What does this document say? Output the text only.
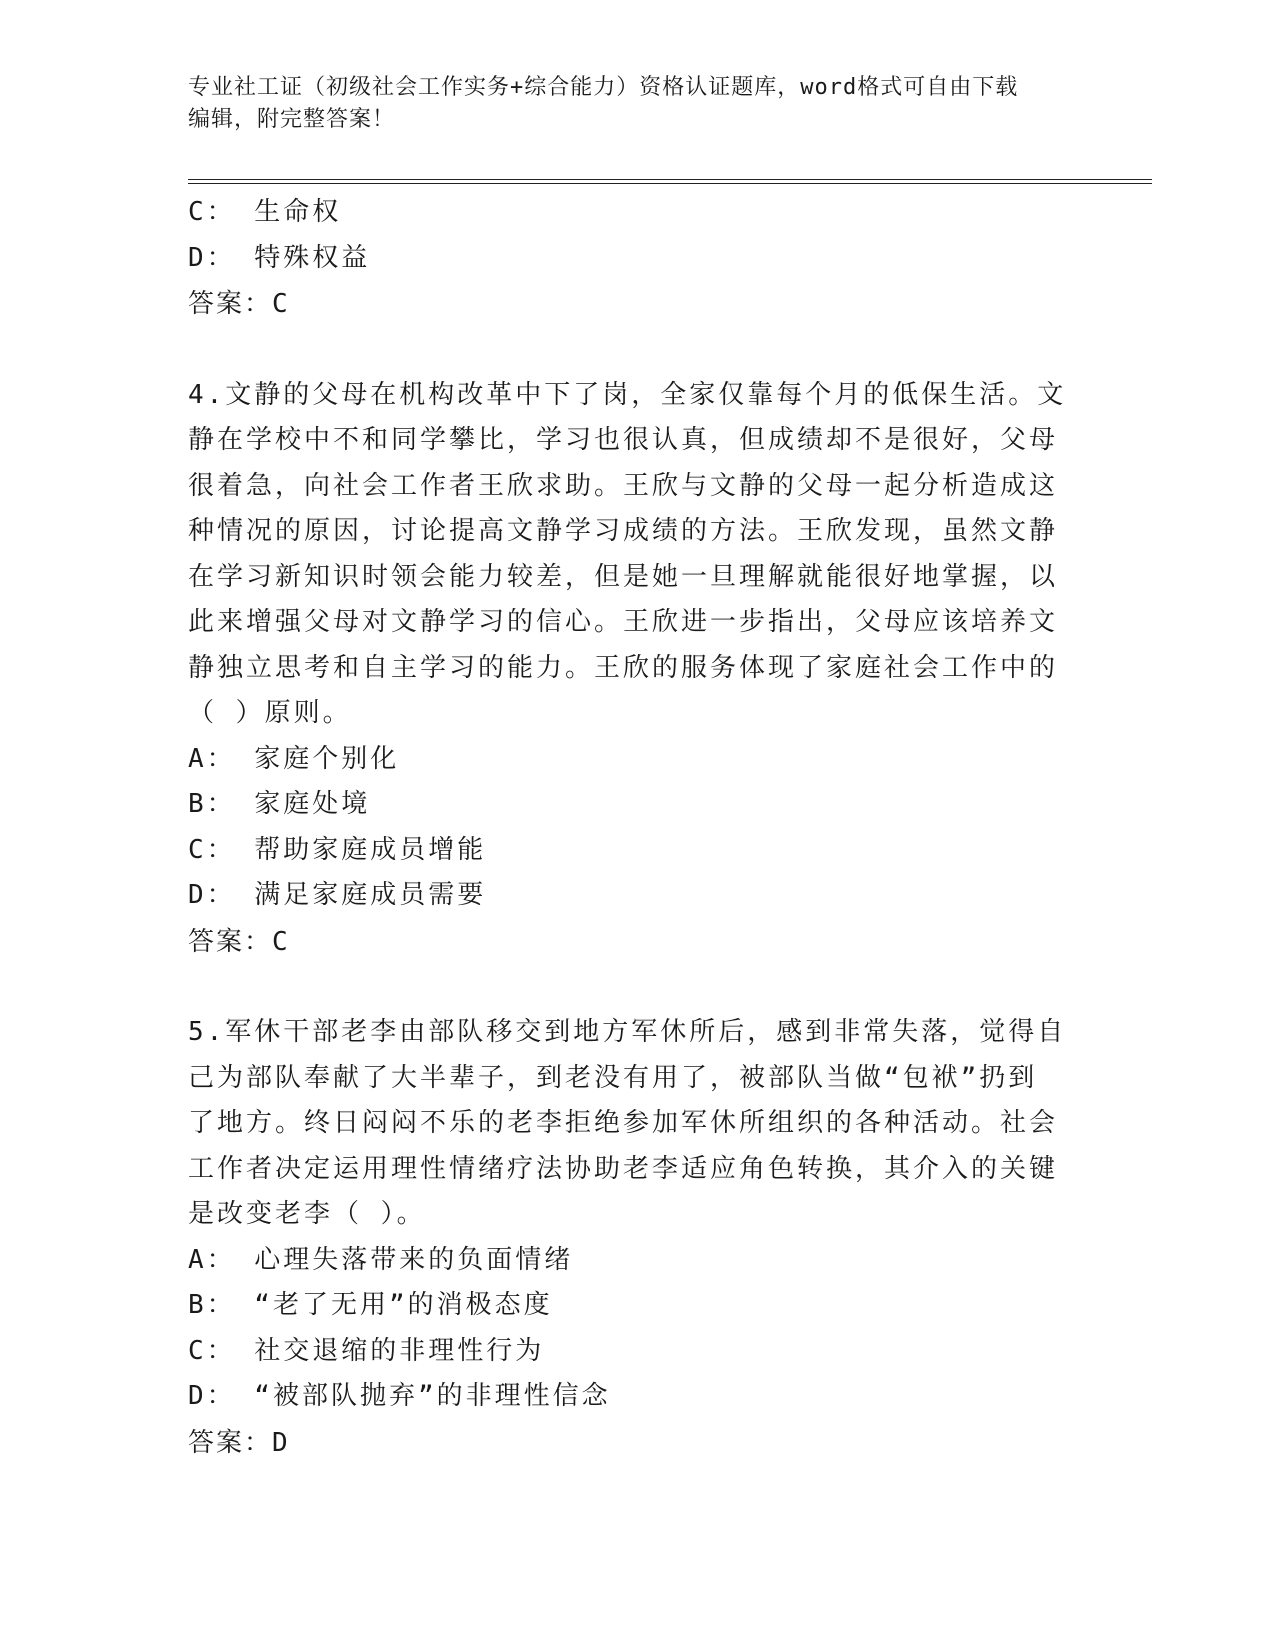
专业社工证（初级社会工作实务+综合能力）资格认证题库，word格式可自由下载
编辑，附完整答案！
C： 生命权
D： 特殊权益
答案：C
4.文静的父母在机构改革中下了岗，全家仅靠每个月的低保生活。文
静在学校中不和同学攀比，学习也很认真，但成绩却不是很好，父母
很着急，向社会工作者王欣求助。王欣与文静的父母一起分析造成这
种情况的原因，讨论提高文静学习成绩的方法。王欣发现，虽然文静
在学习新知识时领会能力较差，但是她一旦理解就能很好地掌握，以
此来增强父母对文静学习的信心。王欣进一步指出，父母应该培养文
静独立思考和自主学习的能力。王欣的服务体现了家庭社会工作中的
（ ）原则。
A： 家庭个别化
B： 家庭处境
C： 帮助家庭成员增能
D： 满足家庭成员需要
答案：C
5.军休干部老李由部队移交到地方军休所后，感到非常失落，觉得自
己为部队奉献了大半辈子，到老没有用了，被部队当做“包袱”扔到
了地方。终日闷闷不乐的老李拒绝参加军休所组织的各种活动。社会
工作者决定运用理性情绪疗法协助老李适应角色转换，其介入的关键
是改变老李（ ）。
A： 心理失落带来的负面情绪
B： “老了无用”的消极态度
C： 社交退缩的非理性行为
D： “被部队抛弃”的非理性信念
答案：D
